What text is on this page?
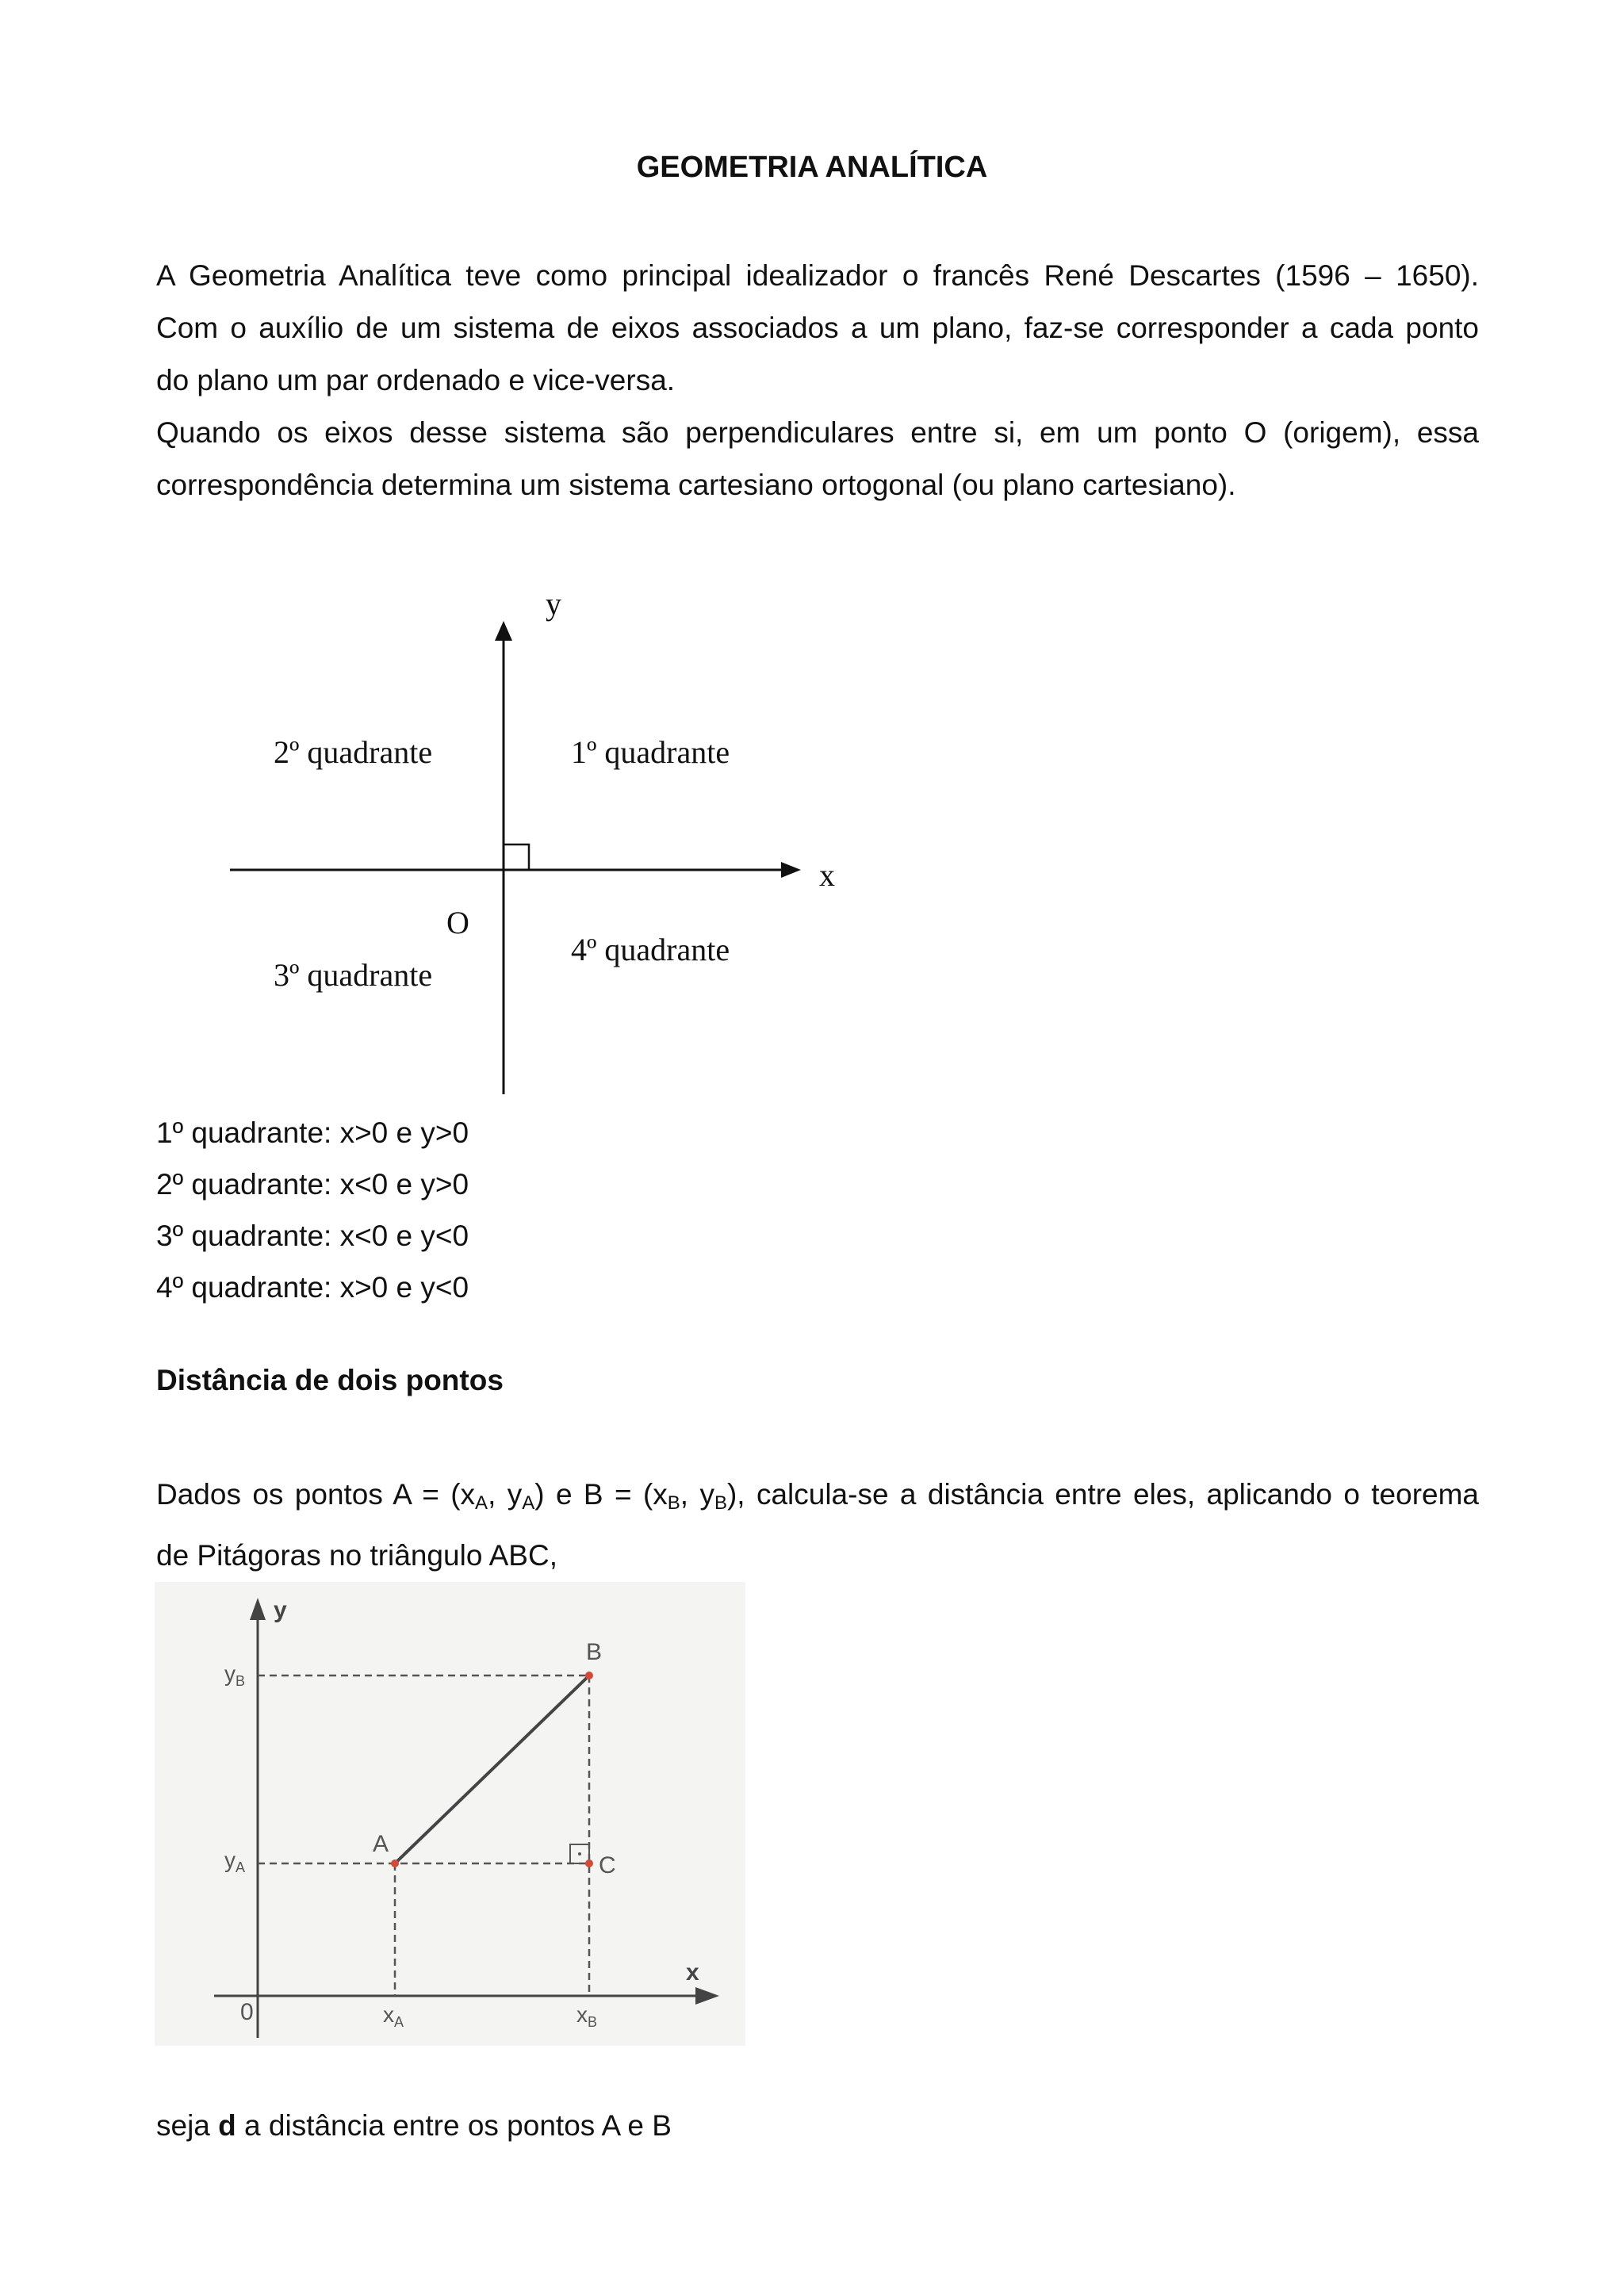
GEOMETRIA ANALÍTICA
A Geometria Analítica teve como principal idealizador o francês René Descartes (1596 – 1650).
Com o auxílio de um sistema de eixos associados a um plano, faz-se corresponder a cada ponto
do plano um par ordenado e vice-versa.
Quando os eixos desse sistema são perpendiculares entre si, em um ponto O (origem), essa
correspondência determina um sistema cartesiano ortogonal (ou plano cartesiano).
y
x
O
1º quadrante
2º quadrante
3º quadrante
4º quadrante
1º quadrante: x>0 e y>0
2º quadrante: x<0 e y>0
3º quadrante: x<0 e y<0
4º quadrante: x>0 e y<0
Distância de dois pontos
Dados os pontos $A = (x_A$, $y_A$) e $B = (x_B$, $y_B$), calcula-se a distância entre eles, aplicando o teorema
de Pitágoras no triângulo ABC,
y
x
0
A
B
C
$y_B$
$y_A$
$x_A$	$x_B$
seja d a distância entre os pontos A e B
